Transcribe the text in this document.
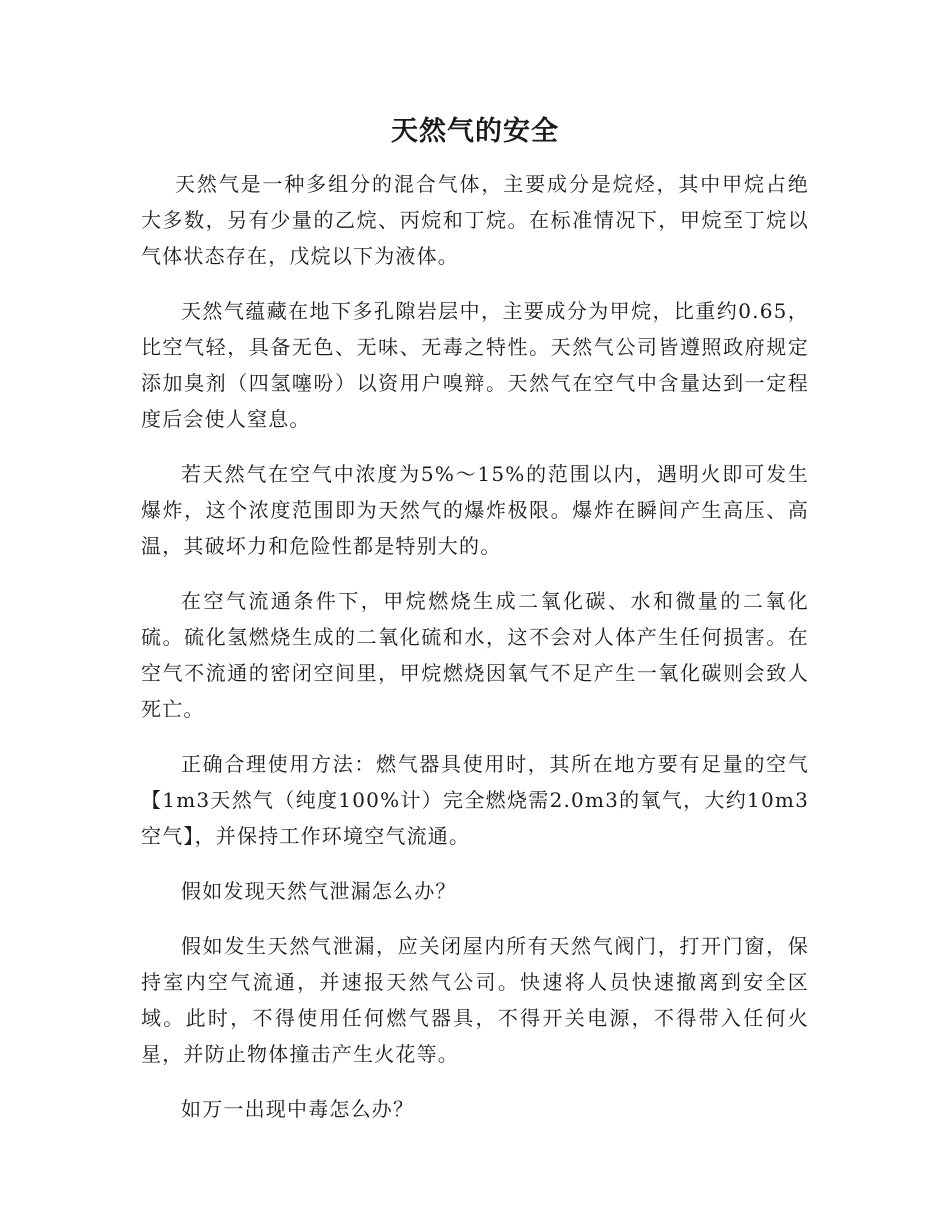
天然气的安全

天然气是一种多组分的混合气体，主要成分是烷烃，其中甲烷占绝大多数，另有少量的乙烷、丙烷和丁烷。在标准情况下，甲烷至丁烷以气体状态存在，戊烷以下为液体。

天然气蕴藏在地下多孔隙岩层中，主要成分为甲烷，比重约0.65，比空气轻，具备无色、无味、无毒之特性。天然气公司皆遵照政府规定添加臭剂（四氢噻吩）以资用户嗅辩。天然气在空气中含量达到一定程度后会使人窒息。

若天然气在空气中浓度为5%～15%的范围以内，遇明火即可发生爆炸，这个浓度范围即为天然气的爆炸极限。爆炸在瞬间产生高压、高温，其破坏力和危险性都是特别大的。

在空气流通条件下，甲烷燃烧生成二氧化碳、水和微量的二氧化硫。硫化氢燃烧生成的二氧化硫和水，这不会对人体产生任何损害。在空气不流通的密闭空间里，甲烷燃烧因氧气不足产生一氧化碳则会致人死亡。

正确合理使用方法：燃气器具使用时，其所在地方要有足量的空气【1m3天然气（纯度100%计）完全燃烧需2.0m3的氧气，大约10m3空气】，并保持工作环境空气流通。

假如发现天然气泄漏怎么办？

假如发生天然气泄漏，应关闭屋内所有天然气阀门，打开门窗，保持室内空气流通，并速报天然气公司。快速将人员快速撤离到安全区域。此时，不得使用任何燃气器具，不得开关电源，不得带入任何火星，并防止物体撞击产生火花等。

如万一出现中毒怎么办？
